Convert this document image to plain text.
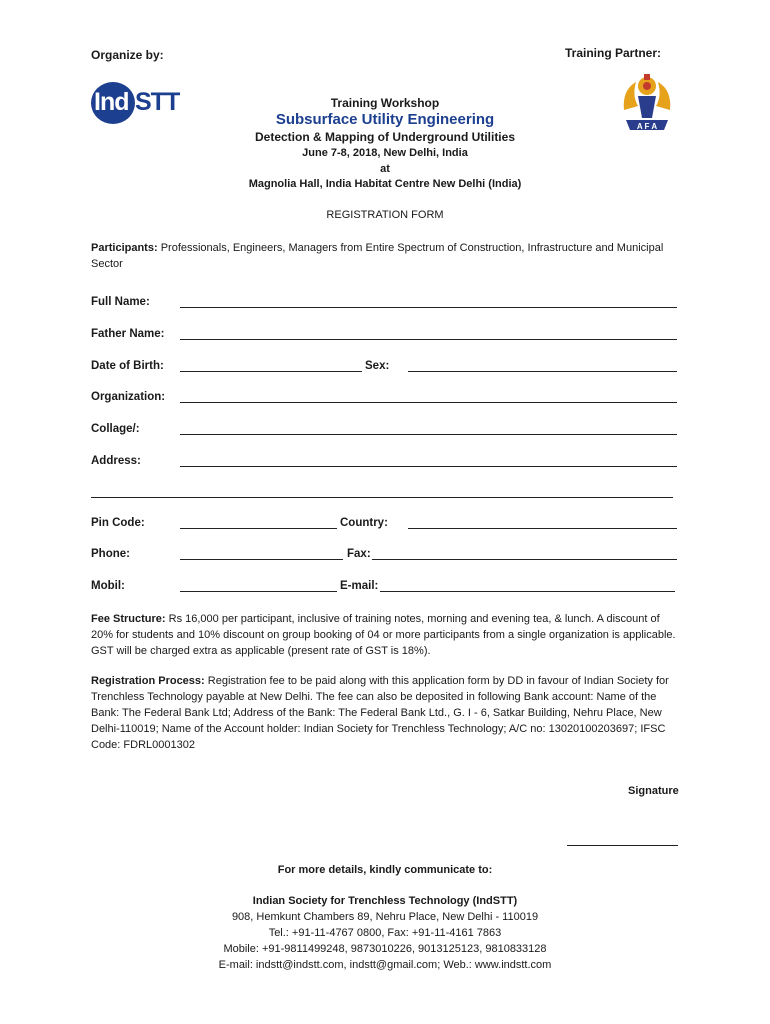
Organize by:	Training Partner:
Ind STT
A F A
Training Workshop
Subsurface Utility Engineering
Detection & Mapping of Underground Utilities
June 7-8, 2018, New Delhi, India
at
Magnolia Hall, India Habitat Centre New Delhi (India)
REGISTRATION FORM
Participants: Professionals, Engineers, Managers from Entire Spectrum of Construction, Infrastructure and Municipal Sector
Full Name:
Father Name:
Date of Birth:	Sex:
Organization:
Collage/:
Address:
Pin Code:	Country:
Phone:	Fax:
Mobil:	E-mail:
Fee Structure: Rs 16,000 per participant, inclusive of training notes, morning and evening tea, & lunch. A discount of 20% for students and 10% discount on group booking of 04 or more participants from a single organization is applicable. GST will be charged extra as applicable (present rate of GST is 18%).
Registration Process: Registration fee to be paid along with this application form by DD in favour of Indian Society for Trenchless Technology payable at New Delhi. The fee can also be deposited in following Bank account: Name of the Bank: The Federal Bank Ltd; Address of the Bank: The Federal Bank Ltd., G. I - 6, Satkar Building, Nehru Place, New Delhi-110019; Name of the Account holder: Indian Society for Trenchless Technology; A/C no: 13020100203697; IFSC Code: FDRL0001302
Signature
For more details, kindly communicate to:
Indian Society for Trenchless Technology (IndSTT)
908, Hemkunt Chambers 89, Nehru Place, New Delhi - 110019
Tel.: +91-11-4767 0800, Fax: +91-11-4161 7863
Mobile: +91-9811499248, 9873010226, 9013125123, 9810833128
E-mail: indstt@indstt.com, indstt@gmail.com; Web.: www.indstt.com
